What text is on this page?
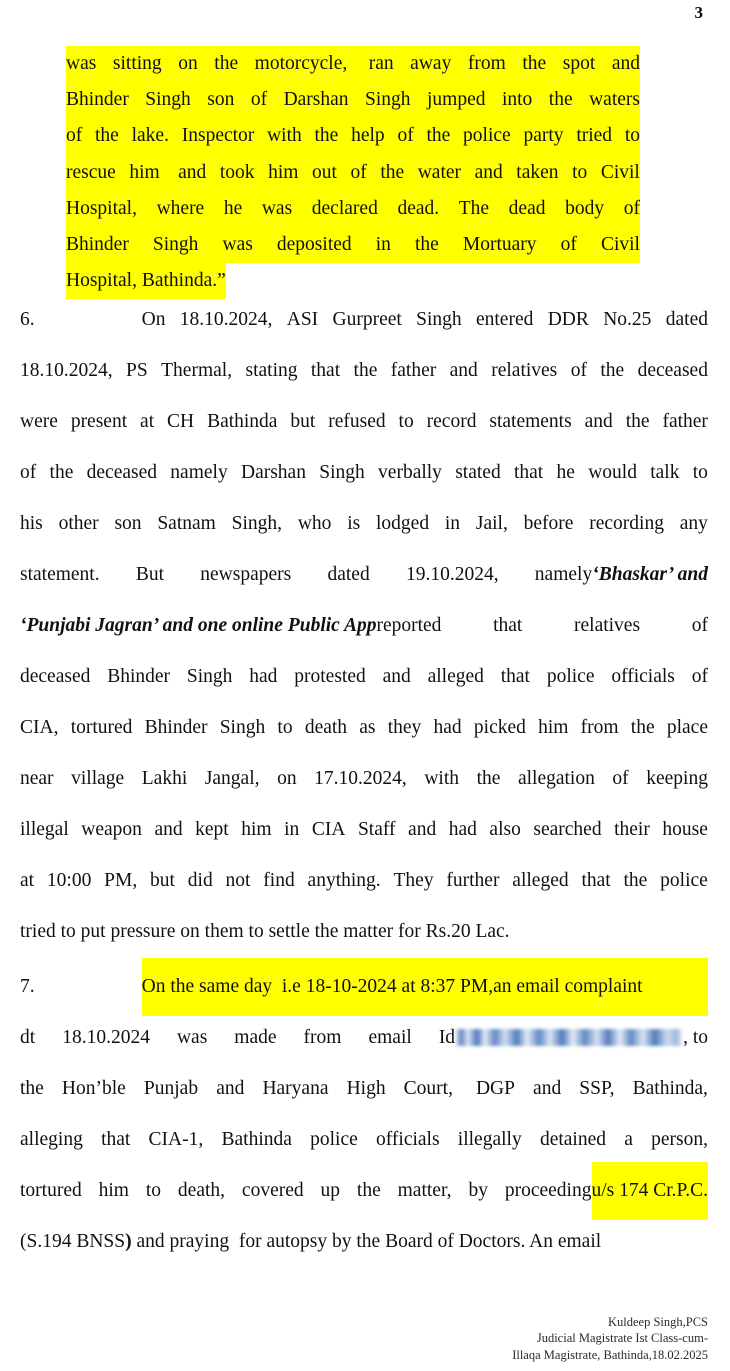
3
was sitting on the motorcycle, ran away from the spot and
Bhinder Singh son of Darshan Singh jumped into the waters
of the lake. Inspector with the help of the police party tried to
rescue him and took him out of the water and taken to Civil
Hospital, where he was declared dead. The dead body of
Bhinder Singh was deposited in the Mortuary of Civil
Hospital, Bathinda.”
6.	On 18.10.2024, ASI Gurpreet Singh entered DDR No.25 dated
18.10.2024, PS Thermal, stating that the father and relatives of the deceased
were present at CH Bathinda but refused to record statements and the father
of the deceased namely Darshan Singh verbally stated that he would talk to
his other son Satnam Singh, who is lodged in Jail, before recording any
statement. But newspapers dated 19.10.2024, namely ‘Bhaskar’ and
‘Punjabi Jagran’ and one online Public App reported	that	relatives	of
deceased Bhinder Singh had protested and alleged that police officials of
CIA, tortured Bhinder Singh to death as they had picked him from the place
near village Lakhi Jangal, on 17.10.2024, with the allegation of keeping
illegal weapon and kept him in CIA Staff and had also searched their house
at 10:00 PM, but did not find anything. They further alleged that the police
tried to put pressure on them to settle the matter for Rs.20 Lac.
7.	On the same day  i.e 18-10-2024 at 8:37 PM,an email complaint
dt 18.10.2024 was made from email Id	, to
the Hon’ble Punjab and Haryana High Court, DGP and SSP, Bathinda,
alleging that CIA-1, Bathinda police officials illegally detained a person,
tortured him to death, covered up the matter, by proceeding u/s 174 Cr.P.C.
(S.194 BNSS) and praying  for autopsy by the Board of Doctors. An email
Kuldeep Singh,PCS
Judicial Magistrate Ist Class-cum-
Illaqa Magistrate, Bathinda,18.02.2025
